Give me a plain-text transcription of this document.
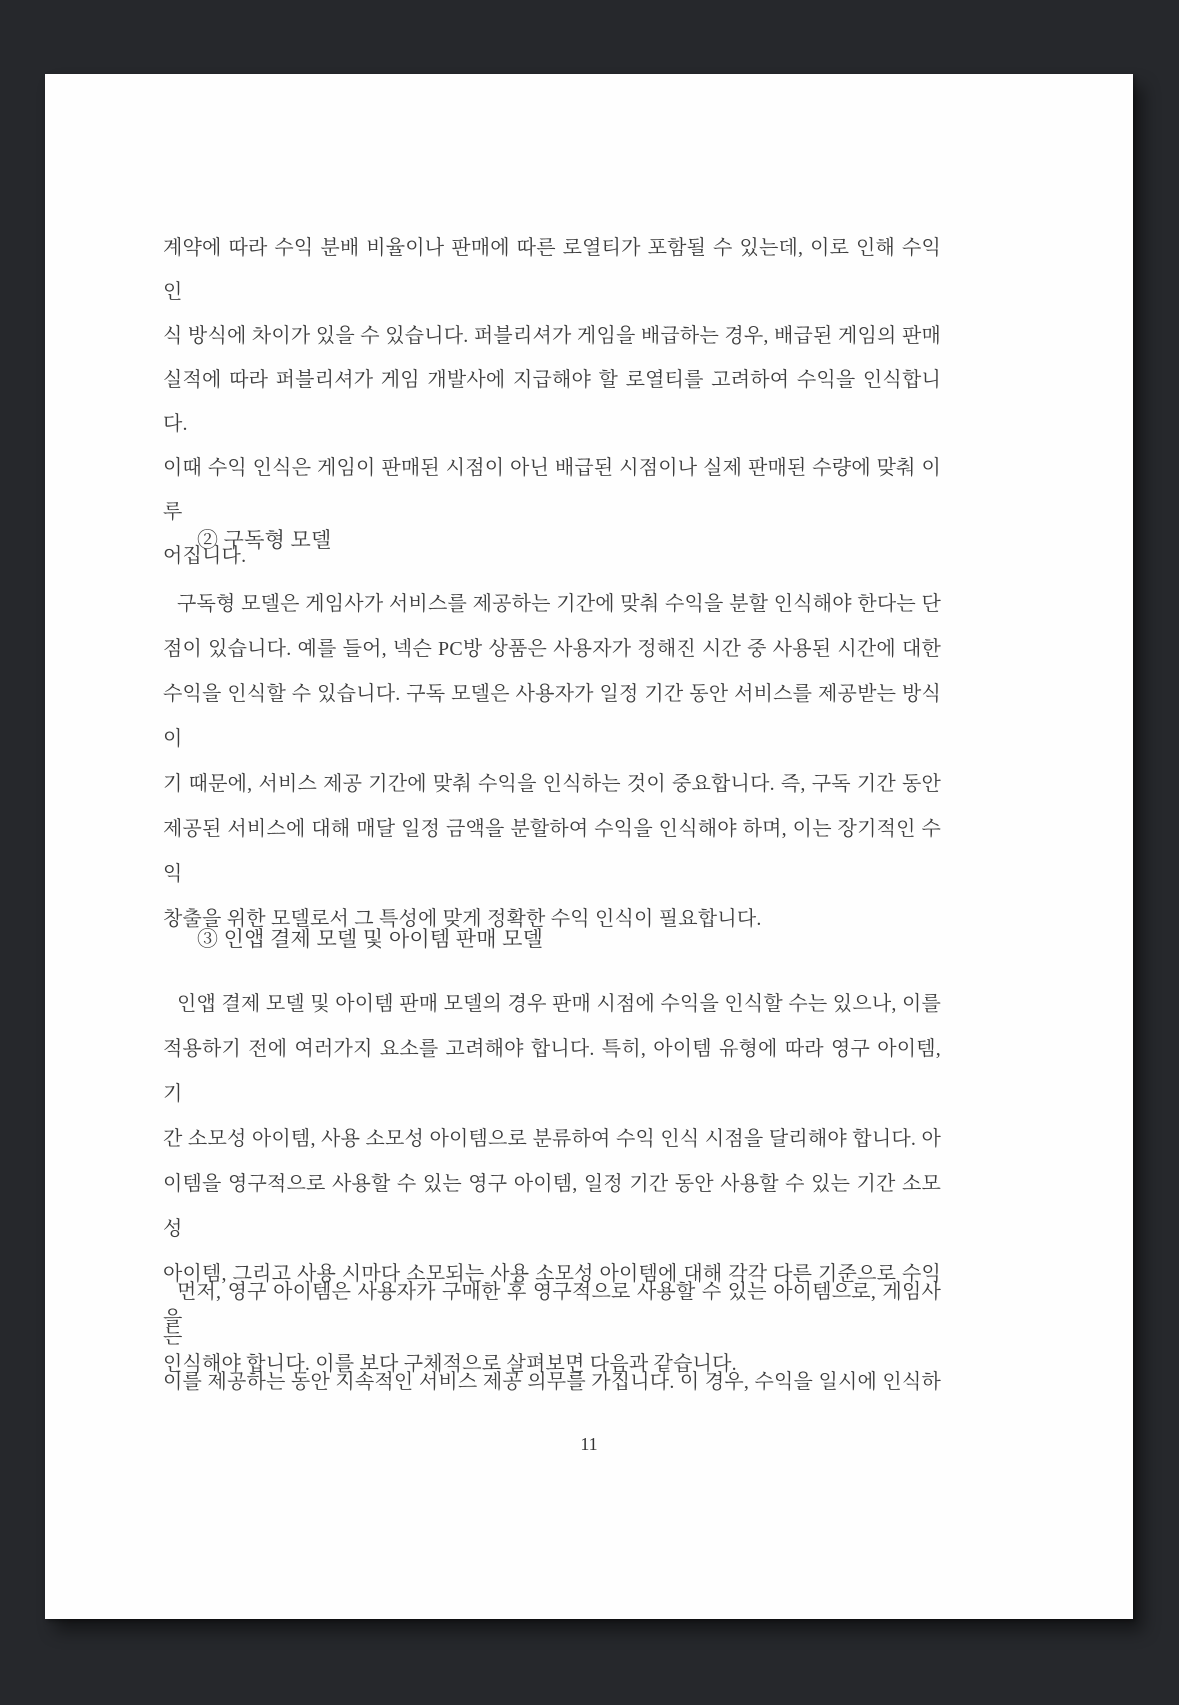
계약에 따라 수익 분배 비율이나 판매에 따른 로열티가 포함될 수 있는데, 이로 인해 수익 인
식 방식에 차이가 있을 수 있습니다. 퍼블리셔가 게임을 배급하는 경우, 배급된 게임의 판매
실적에 따라 퍼블리셔가 게임 개발사에 지급해야 할 로열티를 고려하여 수익을 인식합니다.
이때 수익 인식은 게임이 판매된 시점이 아닌 배급된 시점이나 실제 판매된 수량에 맞춰 이루
어집니다.
② 구독형 모델
구독형 모델은 게임사가 서비스를 제공하는 기간에 맞춰 수익을 분할 인식해야 한다는 단
점이 있습니다. 예를 들어, 넥슨 PC방 상품은 사용자가 정해진 시간 중 사용된 시간에 대한
수익을 인식할 수 있습니다. 구독 모델은 사용자가 일정 기간 동안 서비스를 제공받는 방식이
기 때문에, 서비스 제공 기간에 맞춰 수익을 인식하는 것이 중요합니다. 즉, 구독 기간 동안
제공된 서비스에 대해 매달 일정 금액을 분할하여 수익을 인식해야 하며, 이는 장기적인 수익
창출을 위한 모델로서 그 특성에 맞게 정확한 수익 인식이 필요합니다.
③ 인앱 결제 모델 및 아이템 판매 모델
인앱 결제 모델 및 아이템 판매 모델의 경우 판매 시점에 수익을 인식할 수는 있으나, 이를
적용하기 전에 여러가지 요소를 고려해야 합니다. 특히, 아이템 유형에 따라 영구 아이템, 기
간 소모성 아이템, 사용 소모성 아이템으로 분류하여 수익 인식 시점을 달리해야 합니다. 아
이템을 영구적으로 사용할 수 있는 영구 아이템, 일정 기간 동안 사용할 수 있는 기간 소모성
아이템, 그리고 사용 시마다 소모되는 사용 소모성 아이템에 대해 각각 다른 기준으로 수익을
인식해야 합니다. 이를 보다 구체적으로 살펴보면 다음과 같습니다.
먼저, 영구 아이템은 사용자가 구매한 후 영구적으로 사용할 수 있는 아이템으로, 게임사는
이를 제공하는 동안 지속적인 서비스 제공 의무를 가집니다. 이 경우, 수익을 일시에 인식하
11
